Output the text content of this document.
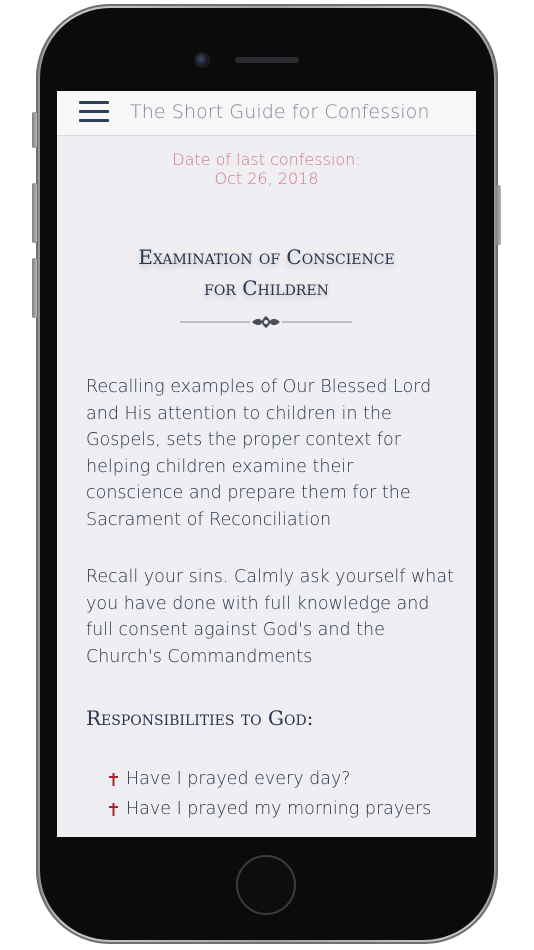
The Short Guide for Confession
Date of last confession:
Oct 26, 2018
Examination of Conscience
for Children
Recalling examples of Our Blessed Lord and His attention to children in the Gospels, sets the proper context for helping children examine their conscience and prepare them for the Sacrament of Reconciliation
Recall your sins. Calmly ask yourself what you have done with full knowledge and full consent against God's and the Church's Commandments
Responsibilities to God:
Have I prayed every day?
Have I prayed my morning prayers
